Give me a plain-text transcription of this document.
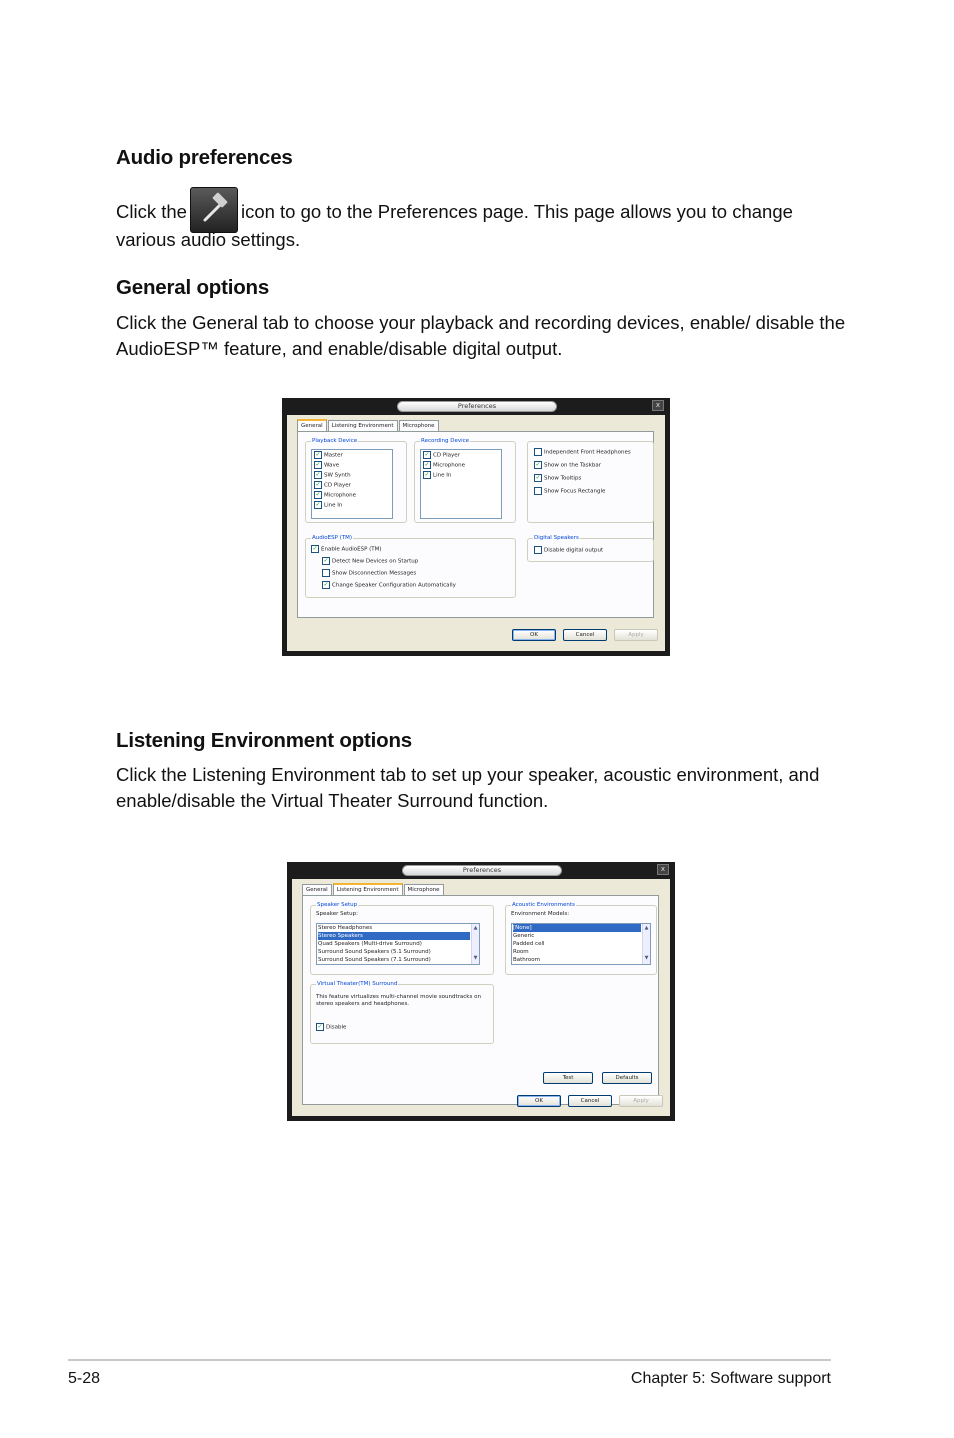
Audio preferences
Click the	icon to go to the Preferences page. This page allows you to change
various audio settings.
General options
Click the General tab to choose your playback and recording devices, enable/ disable the AudioESP™ feature, and enable/disable digital output.
Preferences	x
General	Listening Environment	Microphone
Playback Device
✓ Master
✓ Wave
✓ SW Synth
✓ CD Player
✓ Microphone
✓ Line In
Recording Device
✓ CD Player
✓ Microphone
✓ Line In
Independent Front Headphones
✓ Show on the Taskbar
✓ Show Tooltips
Show Focus Rectangle
AudioESP (TM)
✓ Enable AudioESP (TM)
✓ Detect New Devices on Startup
Show Disconnection Messages
✓ Change Speaker Configuration Automatically
Digital Speakers
Disable digital output
OK	Cancel	Apply
Listening Environment options
Click the Listening Environment tab to set up your speaker, acoustic environment, and enable/disable the Virtual Theater Surround function.
Preferences	x
General	Listening Environment	Microphone
Speaker Setup
Speaker Setup:
Stereo Headphones
Stereo Speakers
Quad Speakers (Multi-drive Surround)
Surround Sound Speakers (5.1 Surround)
Surround Sound Speakers (7.1 Surround)
▲
▼
Acoustic Environments
Environment Models:
[None]
Generic
Padded cell
Room
Bathroom
▲
▼
Virtual Theater(TM) Surround
This feature virtualizes multi-channel movie soundtracks on stereo speakers and headphones.
✓ Disable
Test	Defaults
OK	Cancel	Apply
5-28	Chapter 5: Software support
